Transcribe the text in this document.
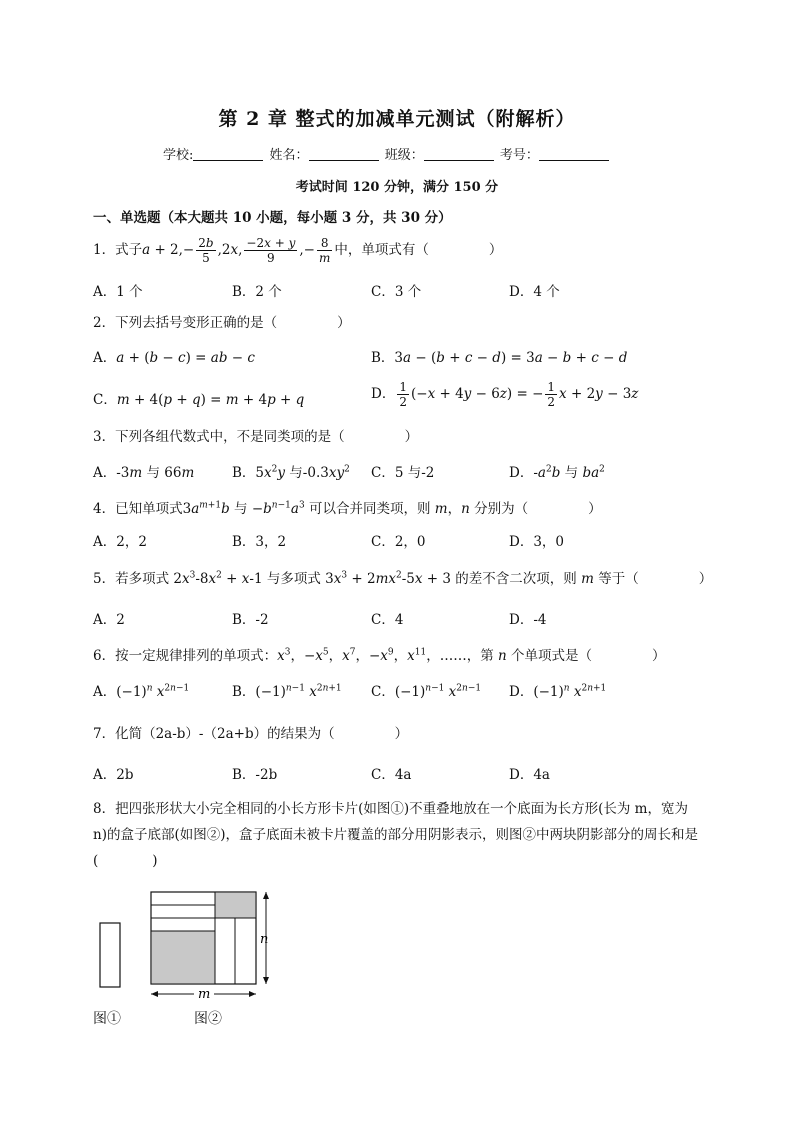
第 2 章 整式的加减单元测试（附解析）
学校:	姓名：	班级：	考号：
考试时间 120 分钟，满分 150 分
一、单选题（本大题共 10 小题，每小题 3 分，共 30 分）
1．式子$a + 2,- \frac{2b}{5} ,2x$, $\frac{-2x + y}{9}$ ,− $\frac{8}{m}$ 中，单项式有（	）
A．1 个	B．2 个	C．3 个	D．4 个
2．下列去括号变形正确的是（	）
A．a + (b − c) = ab − c	B．3a − (b + c − d) = 3a − b + c − d
C．m + 4(p + q) = m + 4p + q	D． $\frac{1}{2} (-x + 4y - 6z)$ = − $\frac{1}{2}$ x + 2y − 3z
3．下列各组代数式中，不是同类项的是（	）
A．-3m 与 66m	B．$5x^2y$ 与$-0.3xy^2$ C．5 与-2	D．$-a^2b$ 与 $ba^2$
4．已知单项式$3a^{m+1}b$ 与 $-b^{n-1}a^3$ 可以合并同类项，则 m，n 分别为（	）
A．2，2	B．3，2	C．2，0	D．3，0
5．若多项式 $2x^3-8x^2 + x-1$ 与多项式 $3x^3 + 2mx^2-5x + 3$ 的差不含二次项，则 m 等于（	）
A．2	B．-2	C．4	D．-4
6．按一定规律排列的单项式：$x^3$，$-x^5$，$x^7$，$-x^9$，$x^{11}$，……，第 n 个单项式是（	）
A．$(-1)^n$ $x^{2n-1}$	B．$(-1)^{n-1}$ $x^{2n+1}$ C．$(-1)^{n-1}$ $x^{2n-1}$ D．$(-1)^n$ $x^{2n+1}$
7．化简（2a-b）-（2a+b）的结果为（	）
A．2b	B．-2b	C．4a	D．4a
8．把四张形状大小完全相同的小长方形卡片(如图①)不重叠地放在一个底面为长方形(长为 m，宽为 n)的盒子底部(如图②)，盒子底面未被卡片覆盖的部分用阴影表示，则图②中两块阴影部分的周长和是(　　　　)
n
m
图①	图②
